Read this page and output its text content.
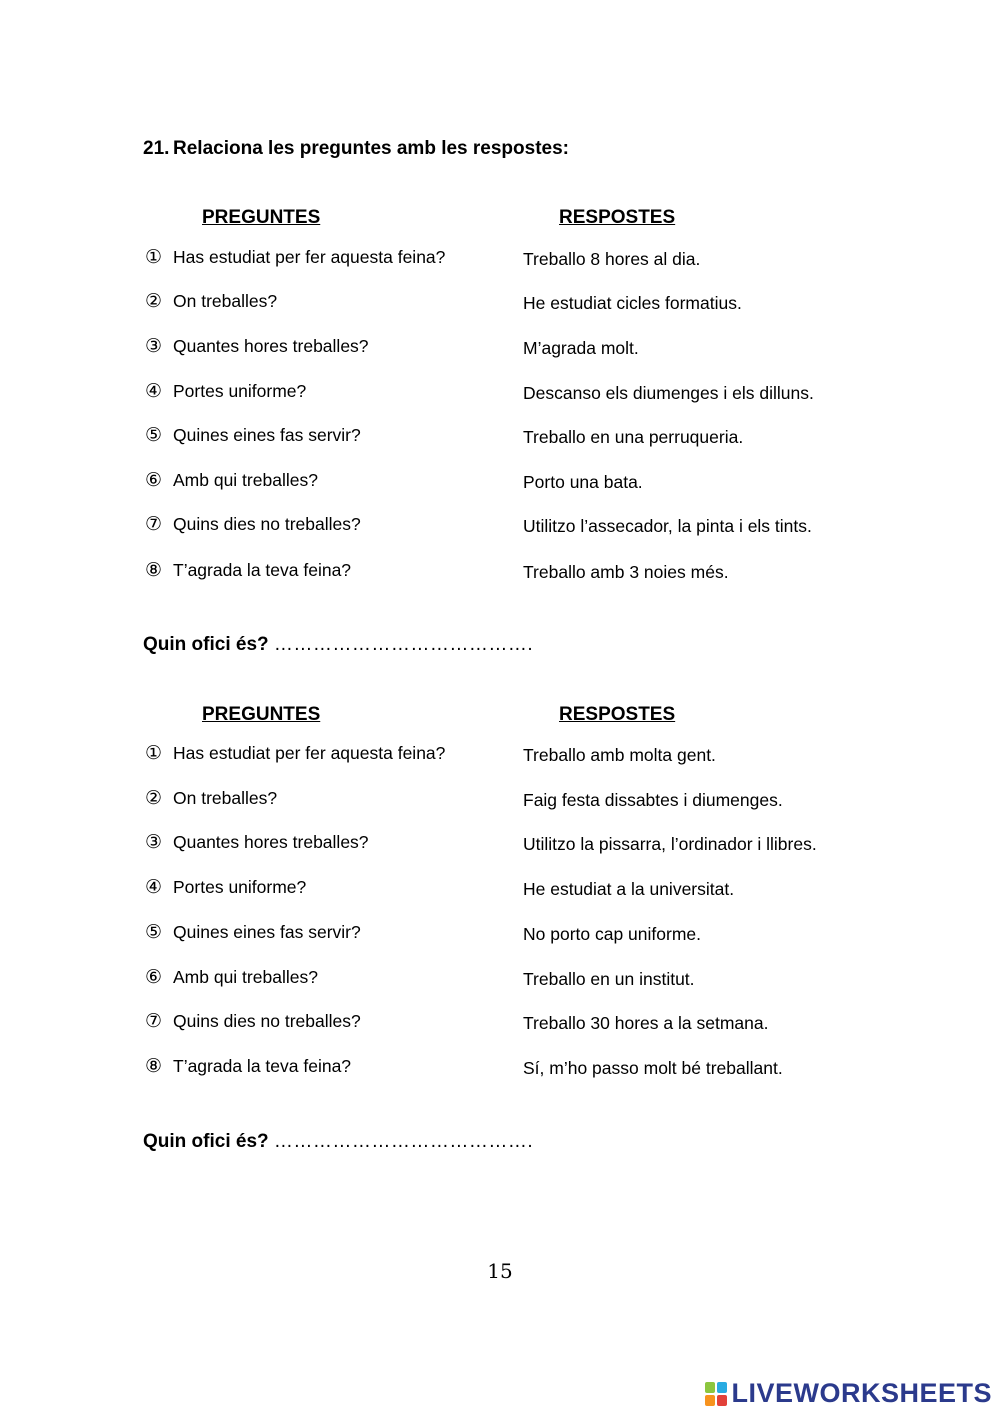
21. Relaciona les preguntes amb les respostes:
PREGUNTES	RESPOSTES
① Has estudiat per fer aquesta feina?	Treballo 8 hores al dia.
② On treballes?	He estudiat cicles formatius.
③ Quantes hores treballes?	M’agrada molt.
④ Portes uniforme?	Descanso els diumenges i els dilluns.
⑤ Quines eines fas servir?	Treballo en una perruqueria.
⑥ Amb qui treballes?	Porto una bata.
⑦ Quins dies no treballes?	Utilitzo l’assecador, la pinta i els tints.
⑧ T’agrada la teva feina?	Treballo amb 3 noies més.
Quin ofici és? ………………………………….
PREGUNTES	RESPOSTES
① Has estudiat per fer aquesta feina?	Treballo amb molta gent.
② On treballes?	Faig festa dissabtes i diumenges.
③ Quantes hores treballes?	Utilitzo la pissarra, l’ordinador i llibres.
④ Portes uniforme?	He estudiat a la universitat.
⑤ Quines eines fas servir?	No porto cap uniforme.
⑥ Amb qui treballes?	Treballo en un institut.
⑦ Quins dies no treballes?	Treballo 30 hores a la setmana.
⑧ T’agrada la teva feina?	Sí, m’ho passo molt bé treballant.
Quin ofici és? ………………………………….
15
LIVEWORKSHEETS
